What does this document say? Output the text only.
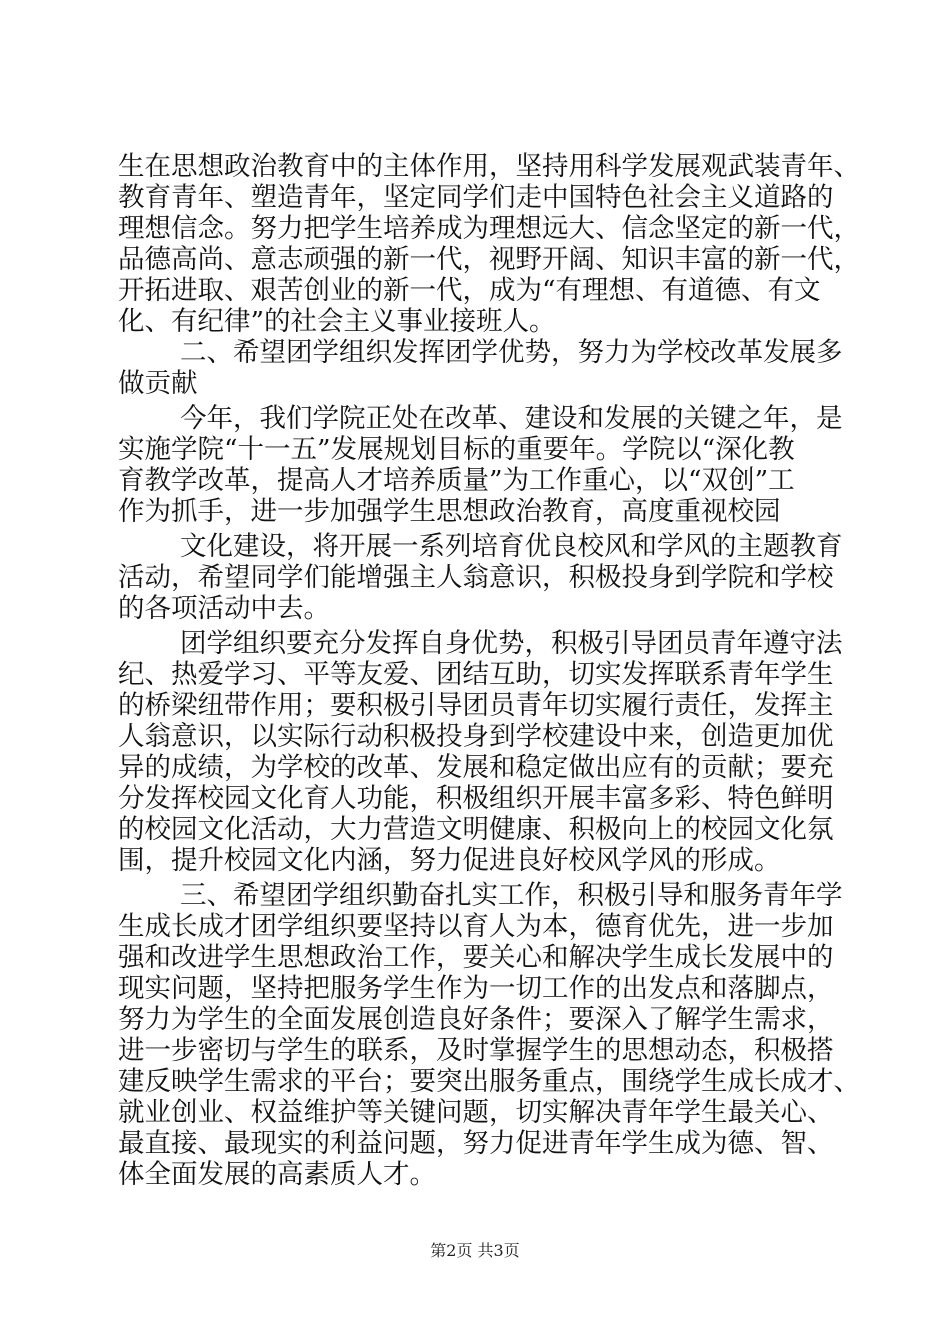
生在思想政治教育中的主体作用，坚持用科学发展观武装青年、
教育青年、塑造青年，坚定同学们走中国特色社会主义道路的
理想信念。努力把学生培养成为理想远大、信念坚定的新一代，
品德高尚、意志顽强的新一代，视野开阔、知识丰富的新一代，
开拓进取、艰苦创业的新一代，成为“有理想、有道德、有文
化、有纪律”的社会主义事业接班人。
二、希望团学组织发挥团学优势，努力为学校改革发展多
做贡献
今年，我们学院正处在改革、建设和发展的关键之年，是
实施学院“十一五”发展规划目标的重要年。学院以“深化教
育教学改革，提高人才培养质量”为工作重心，以“双创”工
作为抓手，进一步加强学生思想政治教育，高度重视校园
文化建设，将开展一系列培育优良校风和学风的主题教育
活动，希望同学们能增强主人翁意识，积极投身到学院和学校
的各项活动中去。
团学组织要充分发挥自身优势，积极引导团员青年遵守法
纪、热爱学习、平等友爱、团结互助，切实发挥联系青年学生
的桥梁纽带作用；要积极引导团员青年切实履行责任，发挥主
人翁意识，以实际行动积极投身到学校建设中来，创造更加优
异的成绩，为学校的改革、发展和稳定做出应有的贡献；要充
分发挥校园文化育人功能，积极组织开展丰富多彩、特色鲜明
的校园文化活动，大力营造文明健康、积极向上的校园文化氛
围，提升校园文化内涵，努力促进良好校风学风的形成。
三、希望团学组织勤奋扎实工作，积极引导和服务青年学
生成长成才团学组织要坚持以育人为本，德育优先，进一步加
强和改进学生思想政治工作，要关心和解决学生成长发展中的
现实问题，坚持把服务学生作为一切工作的出发点和落脚点，
努力为学生的全面发展创造良好条件；要深入了解学生需求，
进一步密切与学生的联系，及时掌握学生的思想动态，积极搭
建反映学生需求的平台；要突出服务重点，围绕学生成长成才、
就业创业、权益维护等关键问题，切实解决青年学生最关心、
最直接、最现实的利益问题，努力促进青年学生成为德、智、
体全面发展的高素质人才。
第2页 共3页
